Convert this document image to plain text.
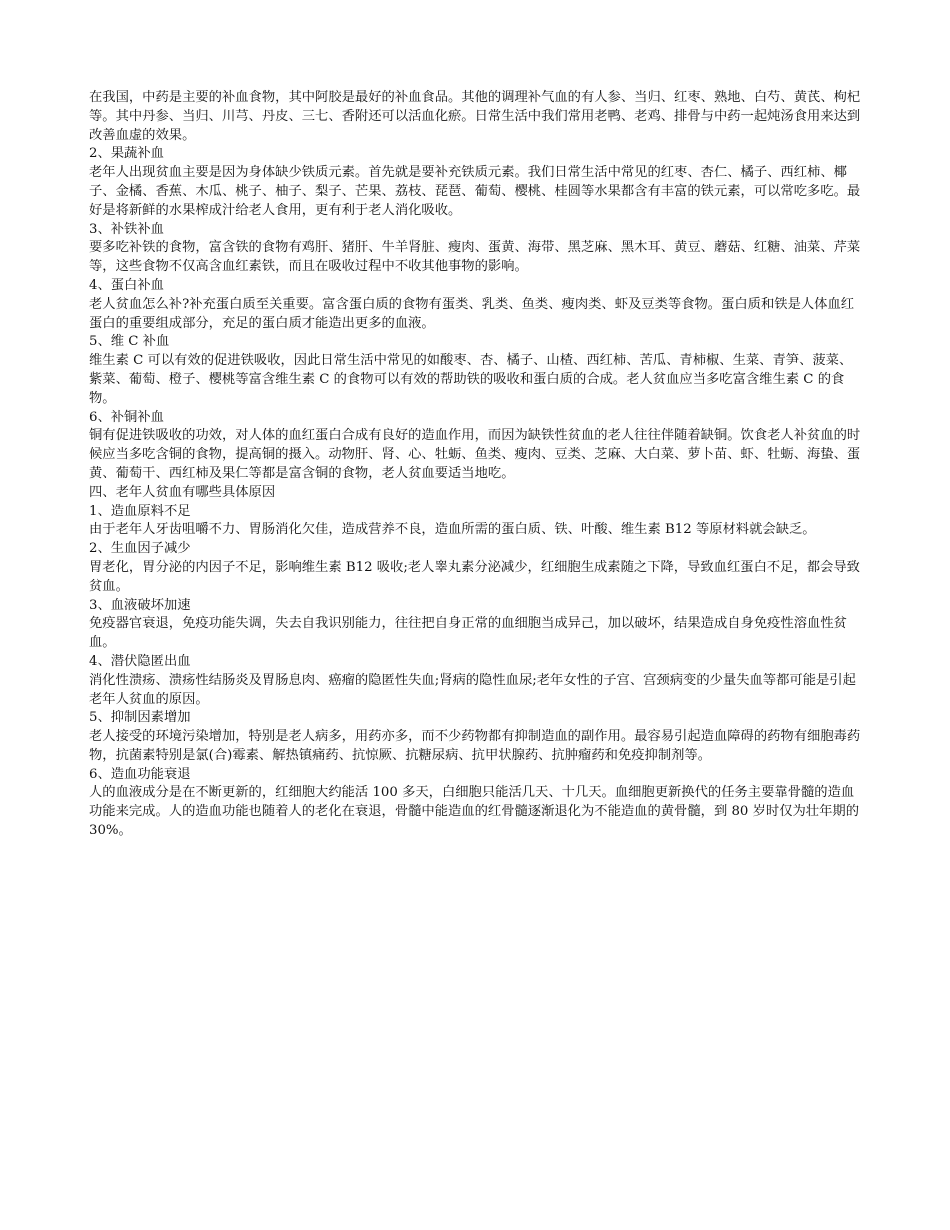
在我国，中药是主要的补血食物，其中阿胶是最好的补血食品。其他的调理补气血的有人参、当归、红枣、熟地、白芍、黄芪、枸杞等。其中丹参、当归、川芎、丹皮、三七、香附还可以活血化瘀。日常生活中我们常用老鸭、老鸡、排骨与中药一起炖汤食用来达到改善血虚的效果。
2、果蔬补血
老年人出现贫血主要是因为身体缺少铁质元素。首先就是要补充铁质元素。我们日常生活中常见的红枣、杏仁、橘子、西红柿、椰子、金橘、香蕉、木瓜、桃子、柚子、梨子、芒果、荔枝、琵琶、葡萄、樱桃、桂圆等水果都含有丰富的铁元素，可以常吃多吃。最好是将新鲜的水果榨成汁给老人食用，更有利于老人消化吸收。
3、补铁补血
要多吃补铁的食物，富含铁的食物有鸡肝、猪肝、牛羊肾脏、瘦肉、蛋黄、海带、黑芝麻、黑木耳、黄豆、蘑菇、红糖、油菜、芹菜等，这些食物不仅高含血红素铁，而且在吸收过程中不收其他事物的影响。
4、蛋白补血
老人贫血怎么补?补充蛋白质至关重要。富含蛋白质的食物有蛋类、乳类、鱼类、瘦肉类、虾及豆类等食物。蛋白质和铁是人体血红蛋白的重要组成部分，充足的蛋白质才能造出更多的血液。
5、维 C 补血
维生素 C 可以有效的促进铁吸收，因此日常生活中常见的如酸枣、杏、橘子、山楂、西红柿、苦瓜、青柿椒、生菜、青笋、菠菜、紫菜、葡萄、橙子、樱桃等富含维生素 C 的食物可以有效的帮助铁的吸收和蛋白质的合成。老人贫血应当多吃富含维生素 C 的食物。
6、补铜补血
铜有促进铁吸收的功效，对人体的血红蛋白合成有良好的造血作用，而因为缺铁性贫血的老人往往伴随着缺铜。饮食老人补贫血的时候应当多吃含铜的食物，提高铜的摄入。动物肝、肾、心、牡蛎、鱼类、瘦肉、豆类、芝麻、大白菜、萝卜苗、虾、牡蛎、海蛰、蛋黄、葡萄干、西红柿及果仁等都是富含铜的食物，老人贫血要适当地吃。
四、老年人贫血有哪些具体原因
1、造血原料不足
由于老年人牙齿咀嚼不力、胃肠消化欠佳，造成营养不良，造血所需的蛋白质、铁、叶酸、维生素 B12 等原材料就会缺乏。
2、生血因子减少
胃老化，胃分泌的内因子不足，影响维生素 B12 吸收;老人睾丸素分泌减少，红细胞生成素随之下降，导致血红蛋白不足，都会导致贫血。
3、血液破坏加速
免疫器官衰退，免疫功能失调，失去自我识别能力，往往把自身正常的血细胞当成异己，加以破坏，结果造成自身免疫性溶血性贫血。
4、潜伏隐匿出血
消化性溃疡、溃疡性结肠炎及胃肠息肉、癌瘤的隐匿性失血;肾病的隐性血尿;老年女性的子宫、宫颈病变的少量失血等都可能是引起老年人贫血的原因。
5、抑制因素增加
老人接受的环境污染增加，特别是老人病多，用药亦多，而不少药物都有抑制造血的副作用。最容易引起造血障碍的药物有细胞毒药物，抗菌素特别是氯(合)霉素、解热镇痛药、抗惊厥、抗糖尿病、抗甲状腺药、抗肿瘤药和免疫抑制剂等。
6、造血功能衰退
人的血液成分是在不断更新的，红细胞大约能活 100 多天，白细胞只能活几天、十几天。血细胞更新换代的任务主要靠骨髓的造血功能来完成。人的造血功能也随着人的老化在衰退，骨髓中能造血的红骨髓逐渐退化为不能造血的黄骨髓，到 80 岁时仅为壮年期的 30%。
